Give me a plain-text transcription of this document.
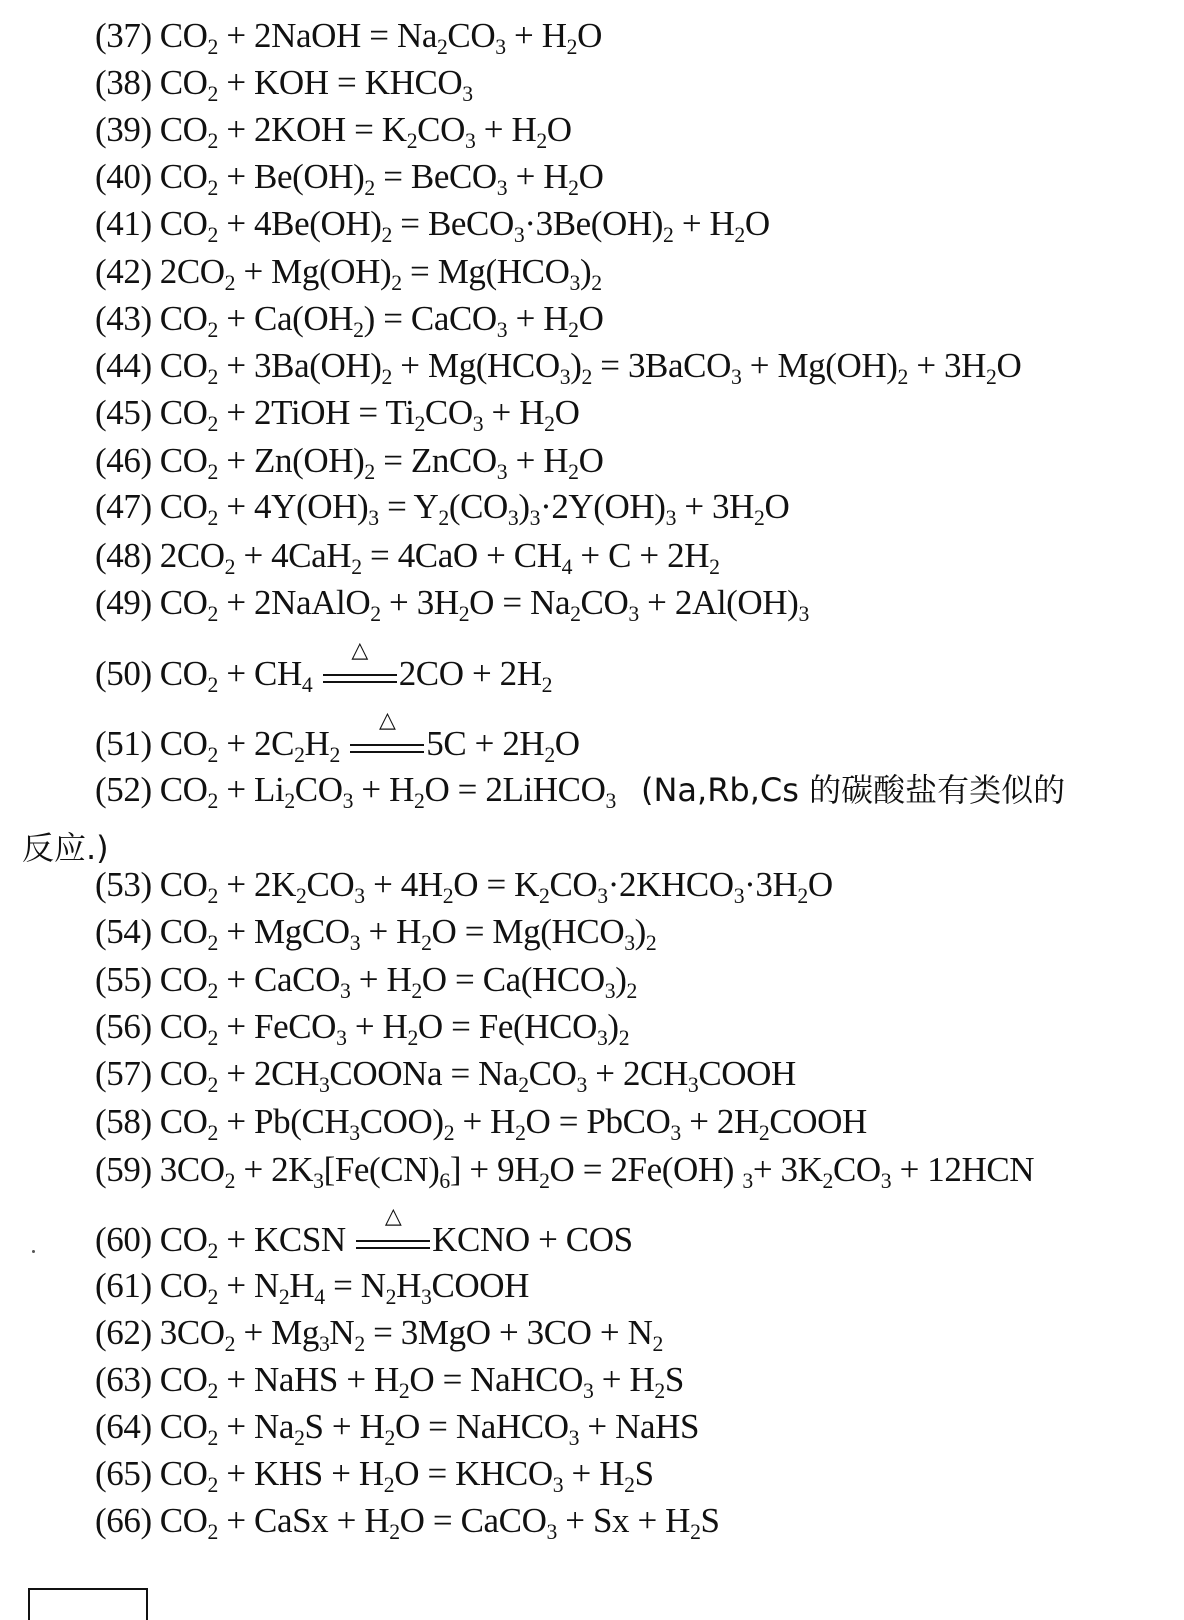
(37) $CO_2$ + 2NaOH = $Na_2CO_3 + H_2O$
(38) $CO_2$ + KOH = $KHCO_3$
(39) $CO_2 + 2KOH = K_2CO_3 + H_2O$
(40) $CO_2 + Be(OH)_2$ = BeCO$_3$ + $H_2O$
(41) $CO_2 + 4Be(OH)_2$ = $BeCO_3\cdot 3Be(OH)_2 + H_2O$
(42) $2CO_2 + Mg(OH)_2 = Mg(HCO_3)_2$
(43) $CO_2 + Ca(OH_2)$ = CaCO$_3$ + $H_2O$
(44) $CO_2 + 3Ba(OH)_2 + Mg(HCO_3)_2$ = 3BaCO$_3$ + $Mg(OH)_2 + 3H_2O$
(45) $CO_2$ + 2TiOH = $Ti_2CO_3 + H_2O$
(46) $CO_2 + Zn(OH)_2$ = ZnCO$_3$ + $H_2O$
(47) $CO_2 + 4Y(OH)_3 = Y_2(CO_3)_3\cdot 2Y(OH)_3 + 3H_2O$
(48) $2CO_2 + 4CaH_2 = 4CaO + CH_4 + C + 2H_2$
(49) $CO_2$ + 2NaAlO$_2$ + $3H_2O = Na_2CO_3 + 2Al(OH)_3$
(50) $CO_2 + CH_4$
△
$2CO + 2H_2$
(51) $CO_2 + 2C_2H_2$
△
$5C + 2H_2O$
(52) $CO_2 + Li_2CO_3 + H_2O$ = 2LiHCO$_3$ (Na,Rb,Cs 的碳酸盐有类似的
(53) $CO_2 + 2K_2CO_3 + 4H_2O$ = $K_2CO_3\cdot 2KHCO_3\cdot 3H_2O$
(54) $CO_2$ + MgCO$_3$ + $H_2O = Mg(HCO_3)_2$
(55) $CO_2$ + CaCO$_3$ + $H_2O = Ca(HCO_3)_2$
(56) $CO_2$ + FeCO$_3$ + $H_2O = Fe(HCO_3)_2$
(57) $CO_2$ + $2CH_3COONa = Na_2CO_3$ + $2CH_3COOH$
(58) $CO_2 + Pb(CH_3COO)_2 + H_2O$ = PbCO$_3$ + $2H_2COOH$
(59) $3CO_2 + 2K_3[Fe(CN)_6] + 9H_2O = 2Fe(OH)$ $_3+ 3K_2CO_3 + 12HCN$
(60) $CO_2$ + KCSN
△
KCNO + COS
(61) $CO_2 + N_2H_4$ = $N_2H_3COOH$
(62) $3CO_2 + Mg_3N_2 = 3MgO + 3CO + N_2$
(63) $CO_2$ + NaHS + $H_2O$ = NaHCO$_3$ + $H_2S$
(64) $CO_2 + Na_2S + H_2O$ = NaHCO$_3$ + NaHS
(65) $CO_2$ + KHS + $H_2O$ = $KHCO_3 + H_2S$
(66) $CO_2$ + CaSx + $H_2O$ = CaCO$_3$ + $Sx + H_2S$
反应.)
